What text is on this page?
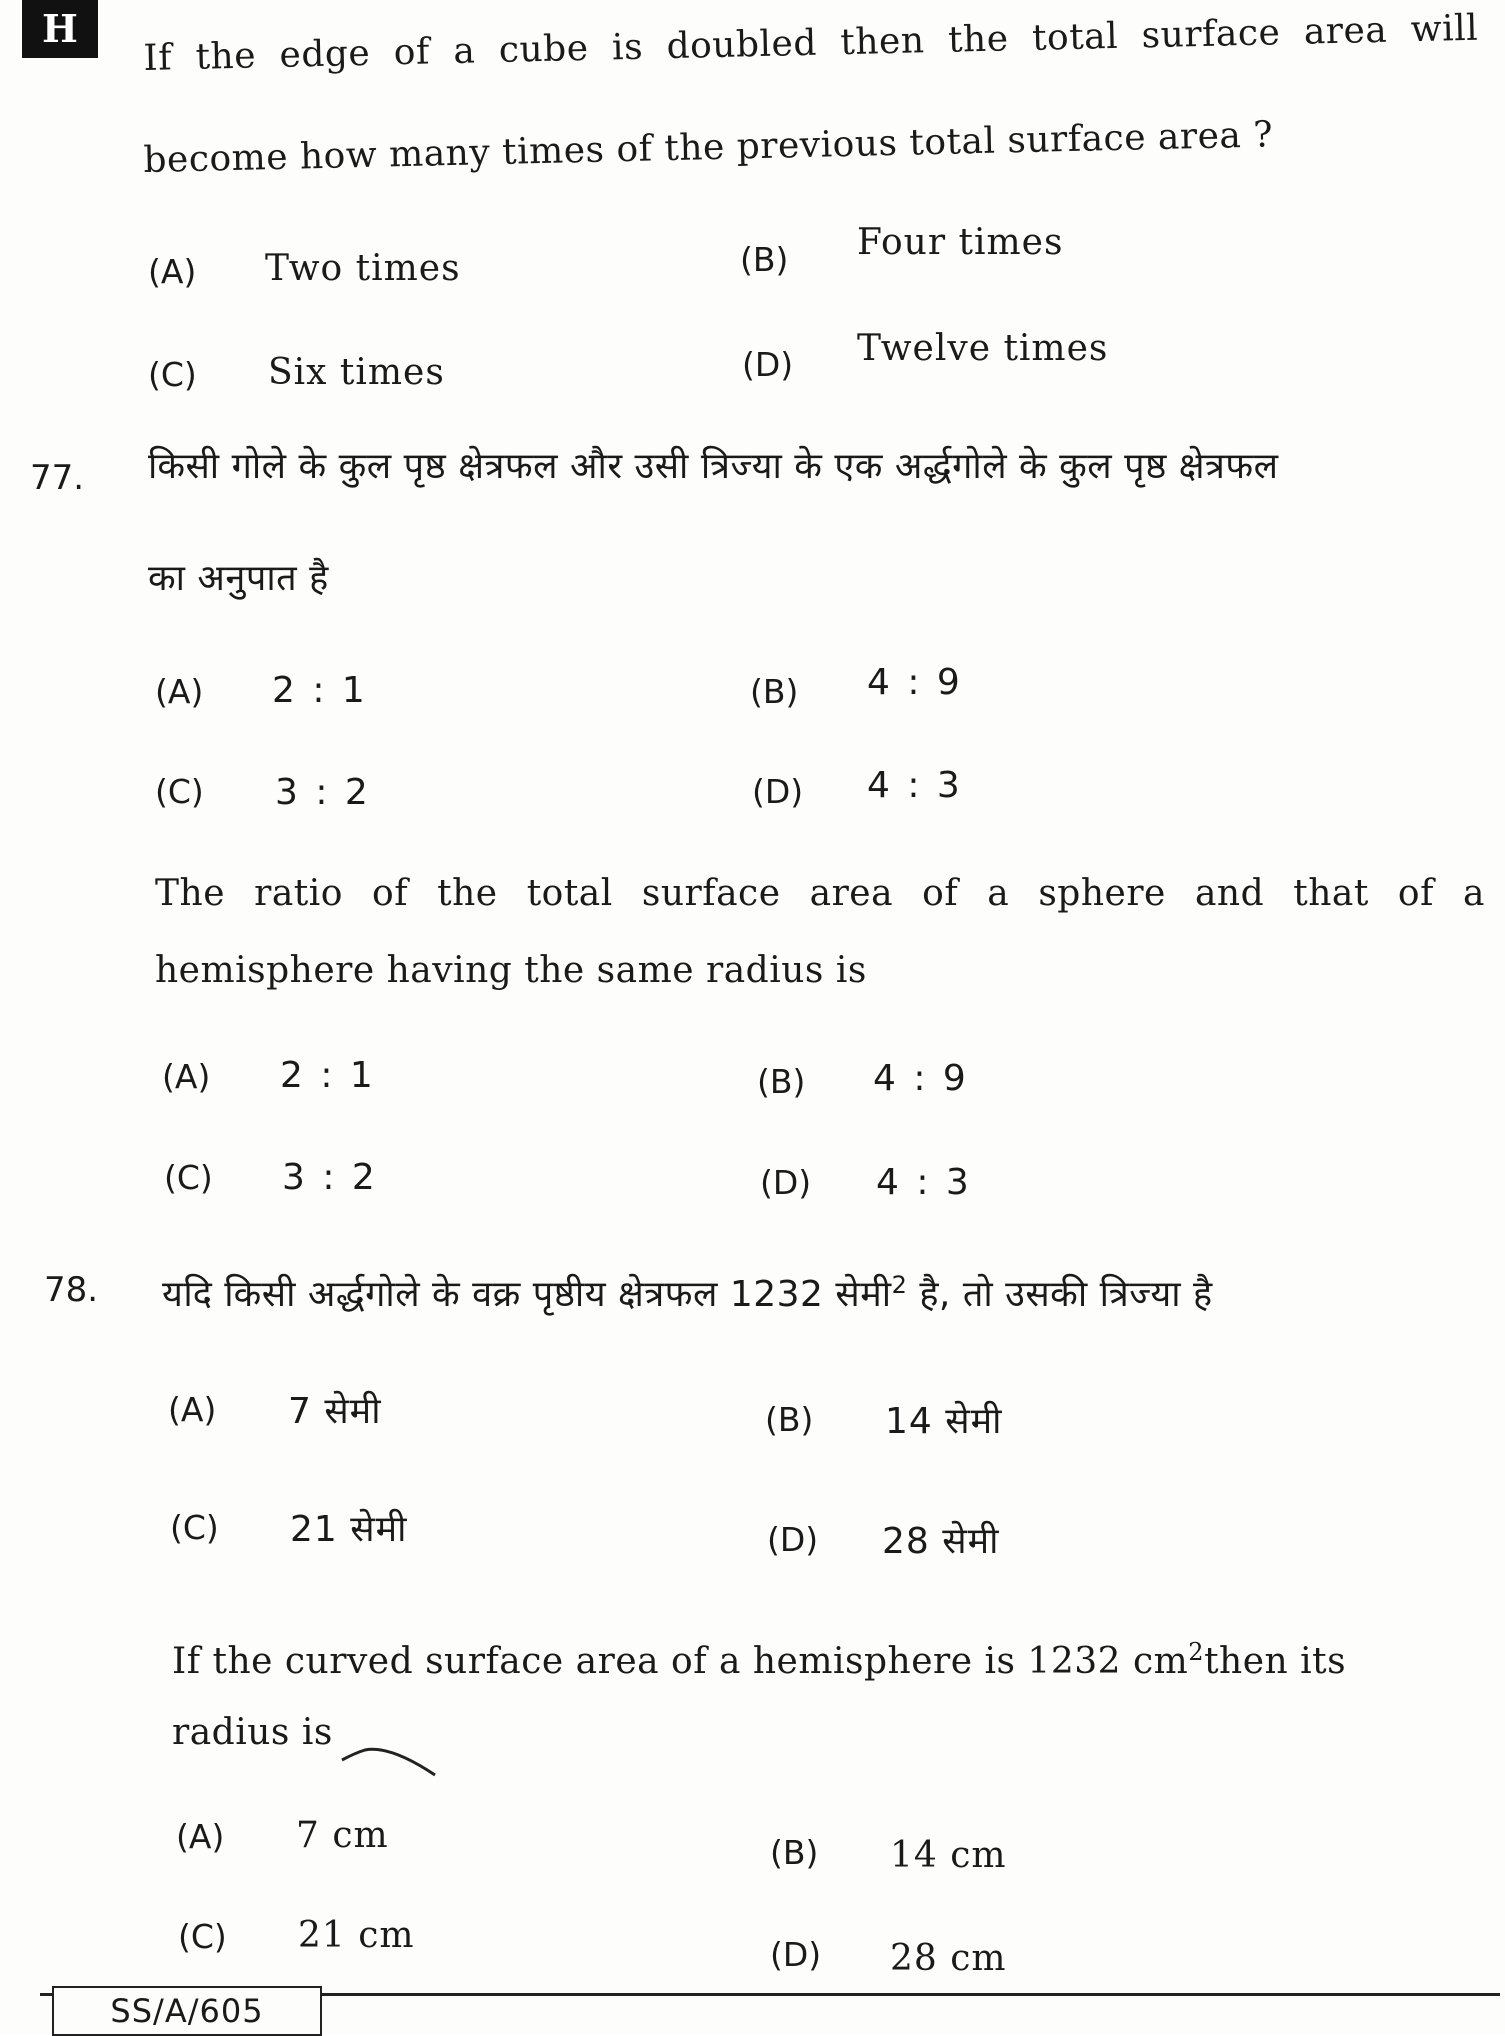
H	If the edge of a cube is doubled then the total surface area will
become how many times of the previous total surface area ?
(A) Two times	(B) Four times
(C) Six times	(D) Twelve times
77. किसी गोले के कुल पृष्ठ क्षेत्रफल और उसी त्रिज्या के एक अर्द्धगोले के कुल पृष्ठ क्षेत्रफल
का अनुपात है
(A) 2 : 1	(B) 4 : 9
(C) 3 : 2	(D) 4 : 3
The ratio of the total surface area of a sphere and that of a
hemisphere having the same radius is
(A) 2 : 1	(B) 4 : 9
(C) 3 : 2	(D) 4 : 3
78. यदि किसी अर्द्धगोले के वक्र पृष्ठीय क्षेत्रफल 1232 सेमी$^2$ है, तो उसकी त्रिज्या है
(A) 7 सेमी	(B) 14 सेमी
(C) 21 सेमी	(D) 28 सेमी
If the curved surface area of a hemisphere is 1232 $cm^2then$ its
radius is
(A) 7 cm	(B) 14 cm
(C) 21 cm	(D) 28 cm
SS/A/605
